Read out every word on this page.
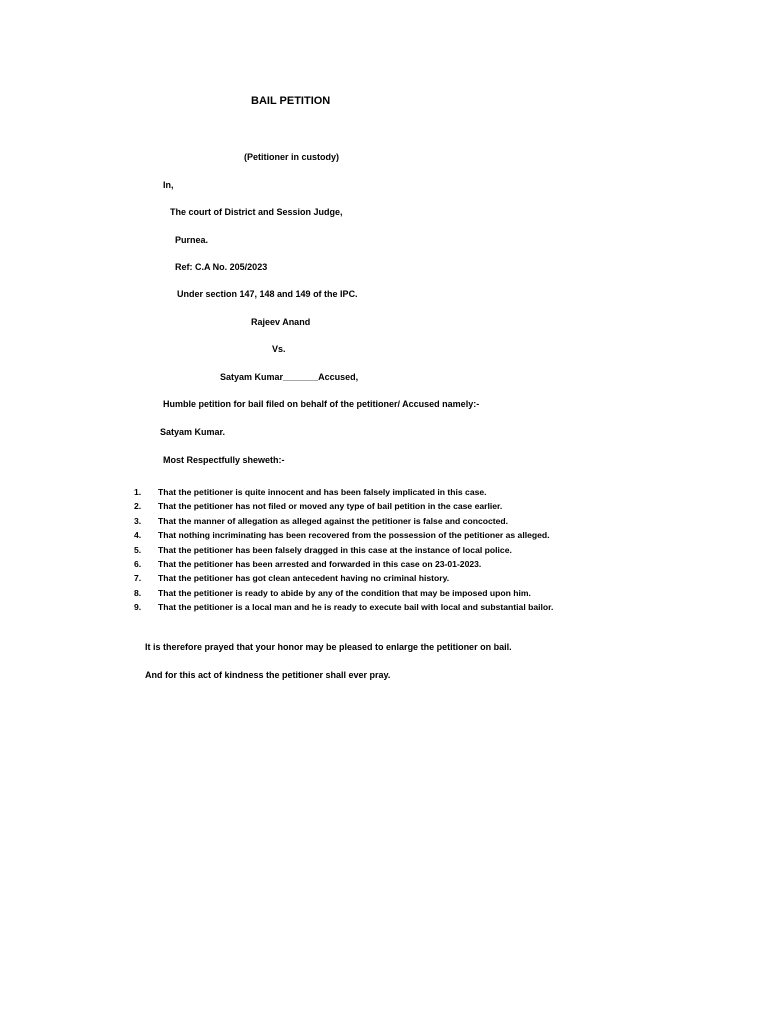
BAIL PETITION
(Petitioner in custody)
In,
The court of District and Session Judge,
Purnea.
Ref: C.A No. 205/2023
Under section 147, 148 and 149 of the IPC.
Rajeev Anand
Vs.
Satyam Kumar_______Accused,
Humble petition for bail filed on behalf of the petitioner/ Accused namely:-
Satyam Kumar.
Most Respectfully sheweth:-
1. That the petitioner is quite innocent and has been falsely implicated in this case.
2. That the petitioner has not filed or moved any type of bail petition in the case earlier.
3. That the manner of allegation as alleged against the petitioner is false and concocted.
4. That nothing incriminating has been recovered from the possession of the petitioner as alleged.
5. That the petitioner has been falsely dragged in this case at the instance of local police.
6. That the petitioner has been arrested and forwarded in this case on 23-01-2023.
7. That the petitioner has got clean antecedent having no criminal history.
8. That the petitioner is ready to abide by any of the condition that may be imposed upon him.
9. That the petitioner is a local man and he is ready to execute bail with local and substantial bailor.
It is therefore prayed that your honor may be pleased to enlarge the petitioner on bail.
And for this act of kindness the petitioner shall ever pray.
